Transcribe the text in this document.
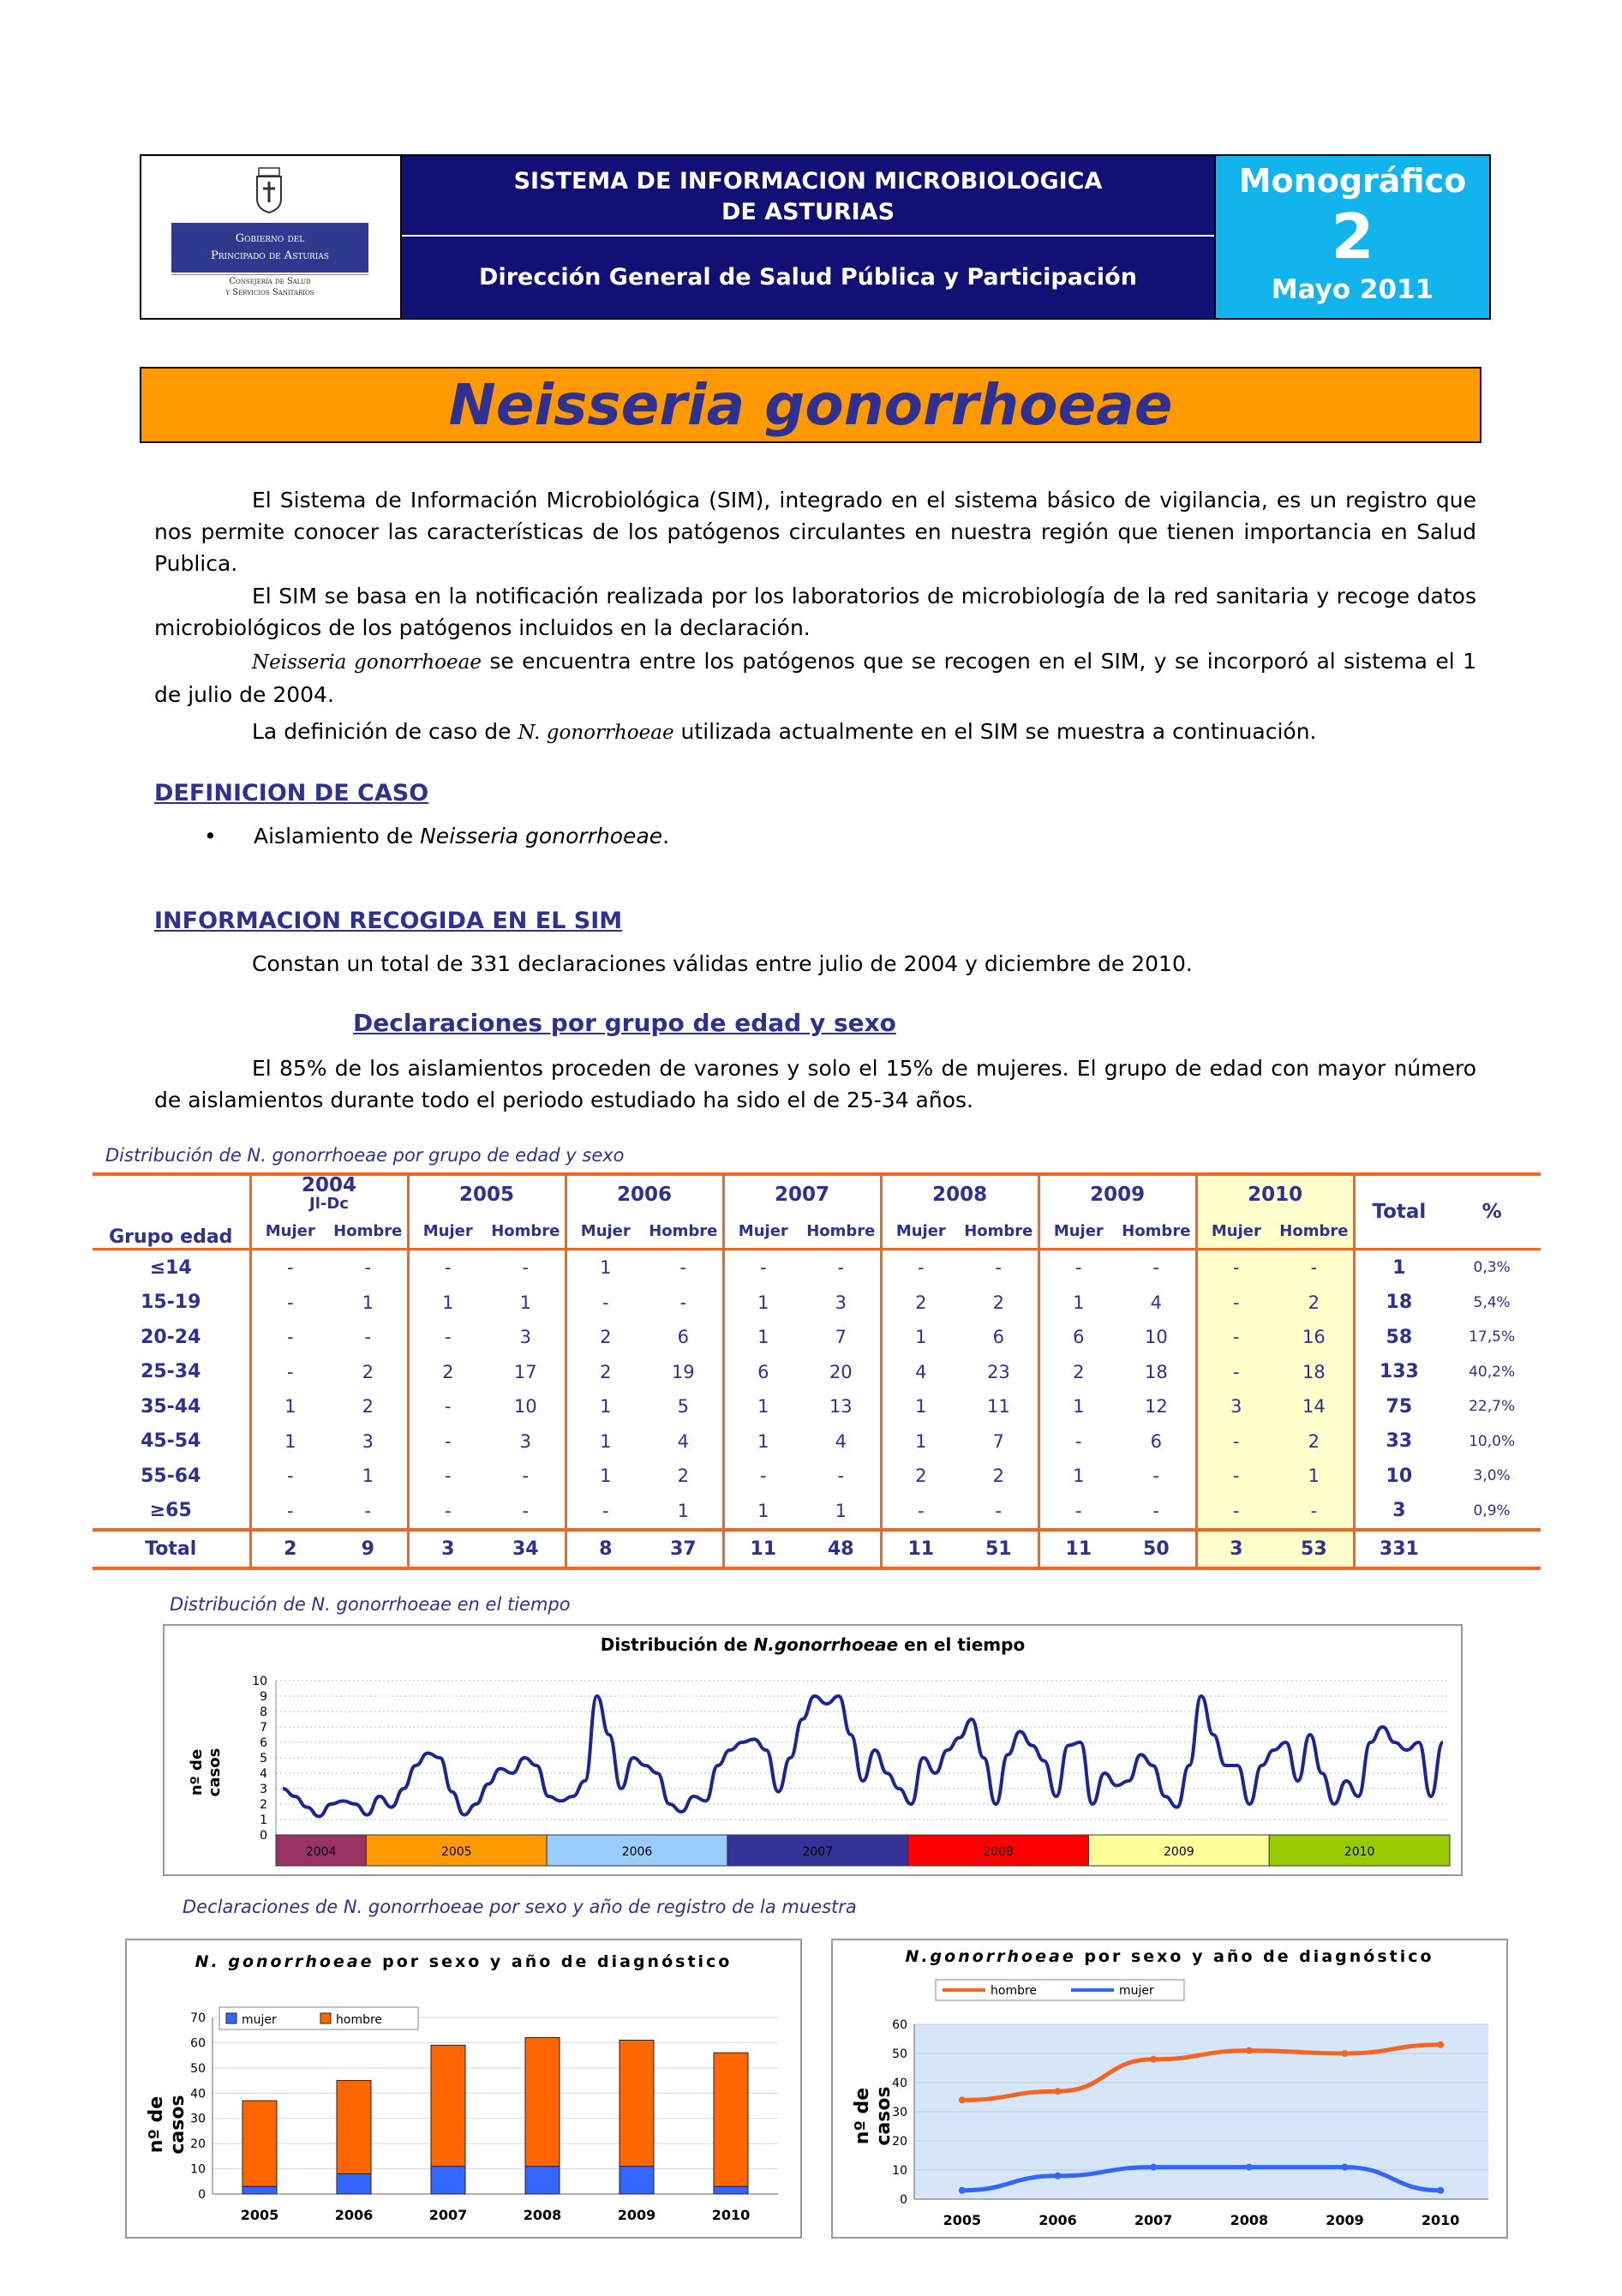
Gobierno del
Principado de Asturias
Consejería de Salud
y Servicios Sanitarios
SISTEMA DE INFORMACION MICROBIOLOGICA
DE ASTURIAS
Dirección General de Salud Pública y Participación
Monográfico
2
Mayo 2011
Neisseria gonorrhoeae
El Sistema de Información Microbiológica (SIM), integrado en el sistema básico de vigilancia, es un registro que nos permite conocer las características de los patógenos circulantes en nuestra región que tienen importancia en Salud Publica.
El SIM se basa en la notificación realizada por los laboratorios de microbiología de la red sanitaria y recoge datos microbiológicos de los patógenos incluidos en la declaración.
Neisseria gonorrhoeae se encuentra entre los patógenos que se recogen en el SIM, y se incorporó al sistema el 1 de julio de 2004.
La definición de caso de N. gonorrhoeae utilizada actualmente en el SIM se muestra a continuación.
DEFINICION DE CASO
• Aislamiento de Neisseria gonorrhoeae.
INFORMACION RECOGIDA EN EL SIM
Constan un total de 331 declaraciones válidas entre julio de 2004 y diciembre de 2010.
Declaraciones por grupo de edad y sexo
El 85% de los aislamientos proceden de varones y solo el 15% de mujeres. El grupo de edad con mayor número de aislamientos durante todo el periodo estudiado ha sido el de 25-34 años.
Distribución de N. gonorrhoeae por grupo de edad y sexo
Grupo edad	2004
Jl-Dc		2005		2006		2007		2008		2009		2010		Total	%
	Mujer	Hombre	Mujer	Hombre	Mujer	Hombre	Mujer	Hombre	Mujer	Hombre	Mujer	Hombre	Mujer	Hombre		
≤14	-	-	-	-	1	-	-	-	-	-	-	-	-	-	1	0,3%
15-19	-	1	1	1	-	-	1	3	2	2	1	4	-	2	18	5,4%
20-24	-	-	-	3	2	6	1	7	1	6	6	10	-	16	58	17,5%
25-34	-	2	2	17	2	19	6	20	4	23	2	18	-	18	133	40,2%
35-44	1	2	-	10	1	5	1	13	1	11	1	12	3	14	75	22,7%
45-54	1	3	-	3	1	4	1	4	1	7	-	6	-	2	33	10,0%
55-64	-	1	-	-	1	2	-	-	2	2	1	-	-	1	10	3,0%
≥65	-	-	-	-	-	1	1	1	-	-	-	-	-	-	3	0,9%
Total	2	9	3	34	8	37	11	48	11	51	11	50	3	53	331	
Distribución de N. gonorrhoeae en el tiempo
Distribución de N.gonorrhoeae en el tiempo
0
1
2
3
4
5
6
7
8
9
10
2004	2005	2006	2007	2008	2009	2010
nº de casos
Declaraciones de N. gonorrhoeae por sexo y año de registro de la muestra
N. gonorrhoeae por sexo y año de diagnóstico
0
10
20
30
40
50
60
70
2005	2006	2007	2008	2009	2010
mujer	hombre
nº de casos
N.gonorrhoeae por sexo y año de diagnóstico
0
10
20
30
40
50
60
2005	2006	2007	2008	2009	2010
hombre	mujer
nº de casos
